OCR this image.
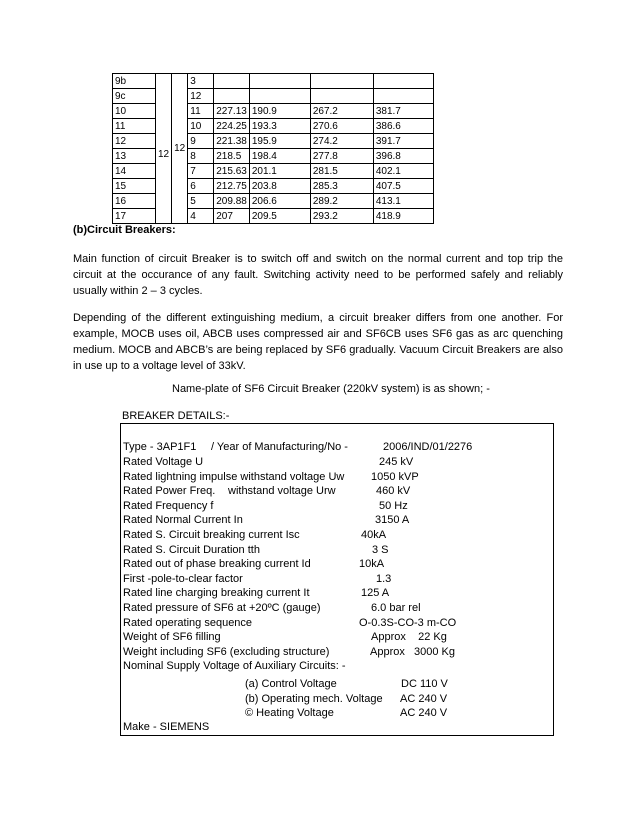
9b	12	12	3				
9c			12				
10			11	227.13	190.9	267.2	381.7
11			10	224.25	193.3	270.6	386.6
12			9	221.38	195.9	274.2	391.7
13			8	218.5	198.4	277.8	396.8
14			7	215.63	201.1	281.5	402.1
15			6	212.75	203.8	285.3	407.5
16			5	209.88	206.6	289.2	413.1
17			4	207	209.5	293.2	418.9
(b)Circuit Breakers:

Main function of circuit Breaker is to switch off and switch on the normal current and top trip the circuit at the occurance of any fault. Switching activity need to be performed safely and reliably usually within 2 – 3 cycles.

Depending of the different extinguishing medium, a circuit breaker differs from one another. For example, MOCB uses oil, ABCB uses compressed air and SF6CB uses SF6 gas as arc quenching medium. MOCB and ABCB’s are being replaced by SF6 gradually. Vacuum Circuit Breakers are also in use up to a voltage level of 33kV.

Name-plate of SF6 Circuit Breaker (220kV system) is as shown; -
BREAKER DETAILS:-
Type - 3AP1F1 / Year of Manufacturing/No -	2006/IND/01/2276
Rated Voltage U	245 kV
Rated lightning impulse withstand voltage Uw 1050 kVP
Rated Power Freq. withstand voltage Urw	460 kV
Rated Frequency f	50 Hz
Rated Normal Current In	3150 A
Rated S. Circuit breaking current Isc	40kA
Rated S. Circuit Duration tth	3 S
Rated out of phase breaking current Id	10kA
First -pole-to-clear factor	1.3
Rated line charging breaking current It	125 A
Rated pressure of SF6 at +20ºC (gauge)	6.0 bar rel
Rated operating sequence	O-0.3S-CO-3 m-CO
Weight of SF6 filling	Approx    22 Kg
Weight including SF6 (excluding structure)	Approx   3000 Kg
Nominal Supply Voltage of Auxiliary Circuits: -
(a) Control Voltage	DC 110 V
(b) Operating mech. Voltage AC 240 V
© Heating Voltage	AC 240 V
Make - SIEMENS
